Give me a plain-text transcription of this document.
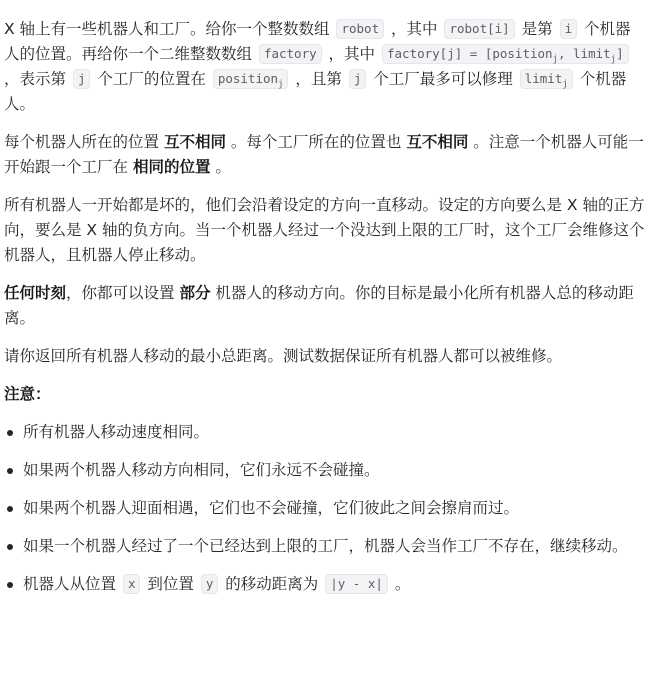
X 轴上有一些机器人和工厂。给你一个整数数组 robot ，其中 robot[i] 是第 i 个机器人的位置。再给你一个二维整数数组 factory ，其中 factory[j] = [position$_j$, limit$_j$] ，表示第 j 个工厂的位置在 position$_j$ ，且第 j 个工厂最多可以修理 limit$_j$ 个机器人。

每个机器人所在的位置 互不相同 。每个工厂所在的位置也 互不相同 。注意一个机器人可能一开始跟一个工厂在 相同的位置 。

所有机器人一开始都是坏的，他们会沿着设定的方向一直移动。设定的方向要么是 X 轴的正方向，要么是 X 轴的负方向。当一个机器人经过一个没达到上限的工厂时，这个工厂会维修这个机器人，且机器人停止移动。

任何时刻，你都可以设置 部分 机器人的移动方向。你的目标是最小化所有机器人总的移动距离。

请你返回所有机器人移动的最小总距离。测试数据保证所有机器人都可以被维修。

注意：

所有机器人移动速度相同。
如果两个机器人移动方向相同，它们永远不会碰撞。
如果两个机器人迎面相遇，它们也不会碰撞，它们彼此之间会擦肩而过。
如果一个机器人经过了一个已经达到上限的工厂，机器人会当作工厂不存在，继续移动。
机器人从位置 x 到位置 y 的移动距离为 |y - x| 。
